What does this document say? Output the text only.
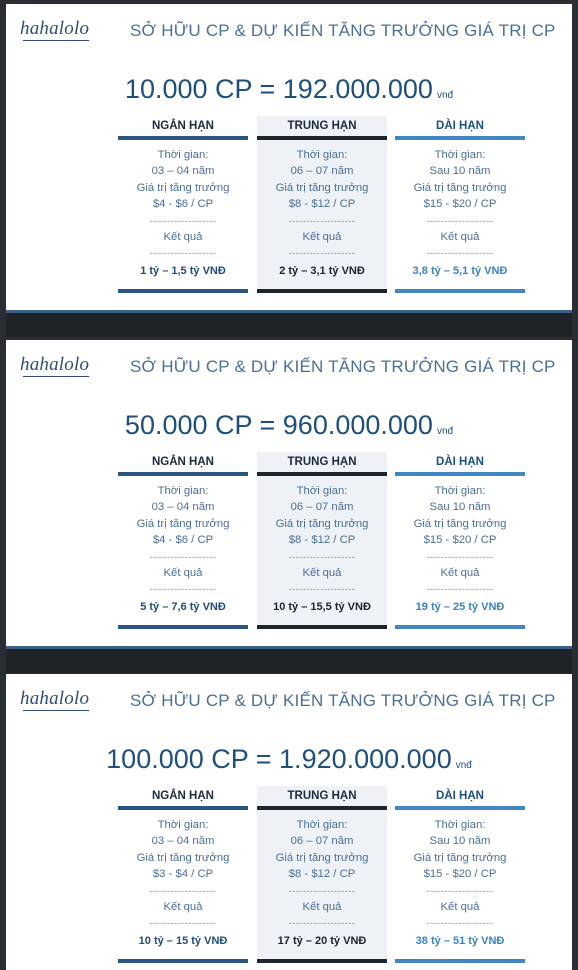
hahalolo SỞ HỮU CP & DỰ KIẾN TĂNG TRƯỞNG GIÁ TRỊ CP
10.000 CP = 192.000.000 vnđ
NGẮN HẠN
Thời gian:
03 – 04 năm
Giá trị tăng trưởng
$4 - $6 / CP
-------------------
Kết quả
-------------------
1 tỷ – 1,5 tỷ VNĐ
TRUNG HẠN
Thời gian:
06 – 07 năm
Giá trị tăng trưởng
$8 - $12 / CP
-------------------
Kết quả
-------------------
2 tỷ – 3,1 tỷ VNĐ
DÀI HẠN
Thời gian:
Sau 10 năm
Giá trị tăng trưởng
$15 - $20 / CP
-------------------
Kết quả
-------------------
3,8 tỷ – 5,1 tỷ VNĐ
hahalolo SỞ HỮU CP & DỰ KIẾN TĂNG TRƯỞNG GIÁ TRỊ CP
50.000 CP = 960.000.000 vnđ
NGẮN HẠN
Thời gian:
03 – 04 năm
Giá trị tăng trưởng
$4 - $6 / CP
-------------------
Kết quả
-------------------
5 tỷ – 7,6 tỷ VNĐ
TRUNG HẠN
Thời gian:
06 – 07 năm
Giá trị tăng trưởng
$8 - $12 / CP
-------------------
Kết quả
-------------------
10 tỷ – 15,5 tỷ VNĐ
DÀI HẠN
Thời gian:
Sau 10 năm
Giá trị tăng trưởng
$15 - $20 / CP
-------------------
Kết quả
-------------------
19 tỷ – 25 tỷ VNĐ
hahalolo SỞ HỮU CP & DỰ KIẾN TĂNG TRƯỞNG GIÁ TRỊ CP
100.000 CP = 1.920.000.000 vnđ
NGẮN HẠN
Thời gian:
03 – 04 năm
Giá trị tăng trưởng
$3 - $4 / CP
-------------------
Kết quả
-------------------
10 tỷ – 15 tỷ VNĐ
TRUNG HẠN
Thời gian:
06 – 07 năm
Giá trị tăng trưởng
$8 - $12 / CP
-------------------
Kết quả
-------------------
17 tỷ – 20 tỷ VNĐ
DÀI HẠN
Thời gian:
Sau 10 năm
Giá trị tăng trưởng
$15 - $20 / CP
-------------------
Kết quả
-------------------
38 tỷ – 51 tỷ VNĐ
